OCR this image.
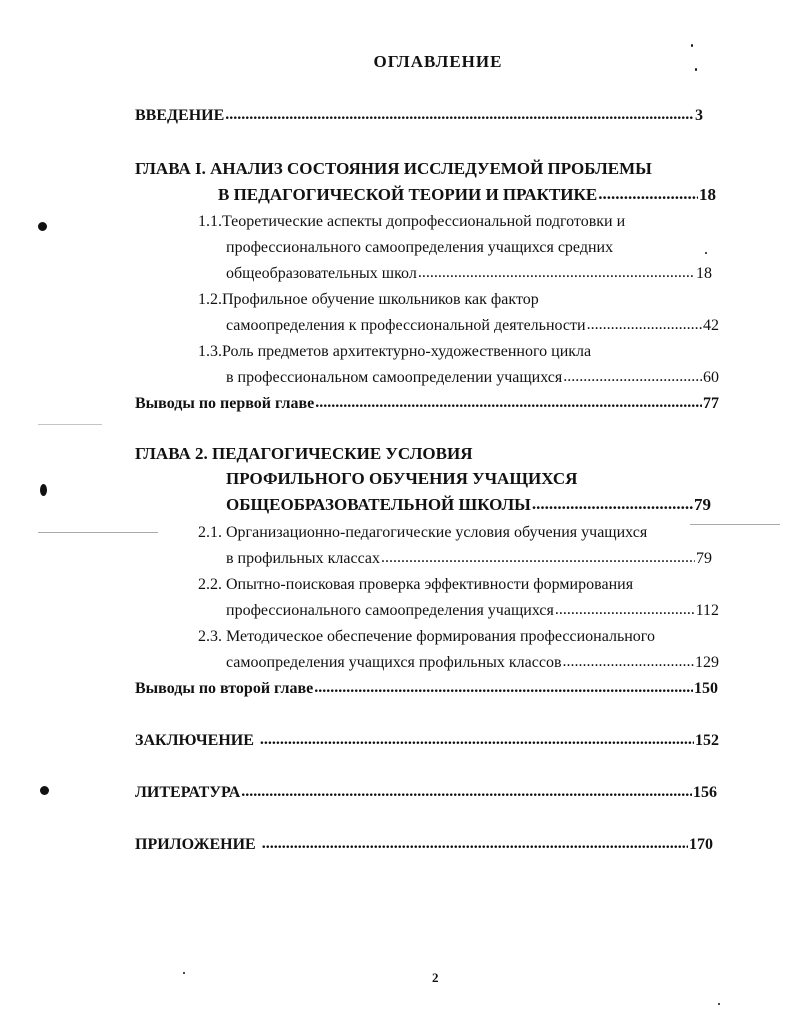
ОГЛАВЛЕНИЕ
ВВЕДЕНИЕ .....	3
ГЛАВА I. АНАЛИЗ СОСТОЯНИЯ ИССЛЕДУЕМОЙ ПРОБЛЕМЫ
В ПЕДАГОГИЧЕСКОЙ ТЕОРИИ И ПРАКТИКЕ .....	18
1.1.Теоретические аспекты допрофессиональной подготовки и
профессионального самоопределения учащихся средних
общеобразовательных школ .....	18
1.2.Профильное обучение школьников как фактор
самоопределения к профессиональной деятельности .....	42
1.3.Роль предметов архитектурно-художественного цикла
в профессиональном самоопределении учащихся .....	60
Выводы по первой главе .....	77
ГЛАВА 2. ПЕДАГОГИЧЕСКИЕ УСЛОВИЯ
ПРОФИЛЬНОГО ОБУЧЕНИЯ УЧАЩИХСЯ
ОБЩЕОБРАЗОВАТЕЛЬНОЙ ШКОЛЫ .....	79
2.1. Организационно-педагогические условия обучения учащихся
в профильных классах .....	79
2.2. Опытно-поисковая проверка эффективности формирования
профессионального самоопределения учащихся .....	112
2.3. Методическое обеспечение формирования профессионального
самоопределения учащихся профильных классов .....	129
Выводы по второй главе .....	150
ЗАКЛЮЧЕНИЕ .....	152
ЛИТЕРАТУРА .....	156
ПРИЛОЖЕНИЕ .....	170
2
